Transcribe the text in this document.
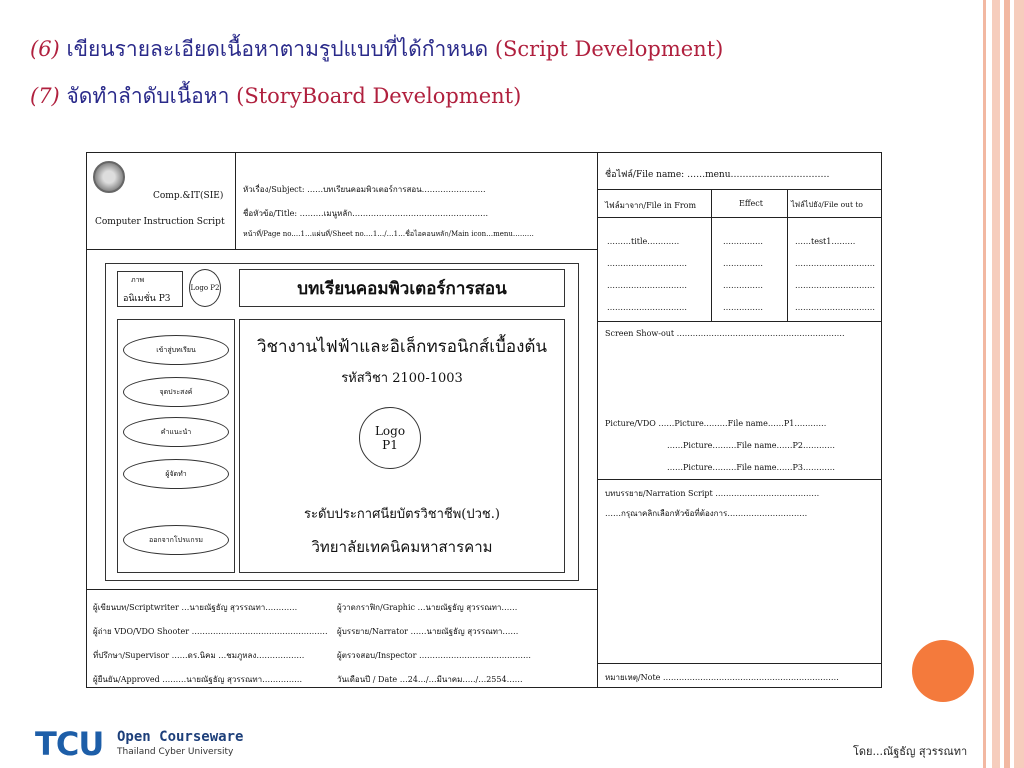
(6) เขียนรายละเอียดเนื้อหาตามรูปแบบที่ได้กำหนด (Script Development)
(7) จัดทำลำดับเนื้อหา (StoryBoard Development)
Comp.&IT(SIE)
Computer Instruction Script
หัวเรื่อง/Subject: ……บทเรียนคอมพิวเตอร์การสอน……………………
ชื่อหัวข้อ/Title: ………เมนูหลัก……………………………………………
หน้าที่/Page no.…1…แผ่นที่/Sheet no.…1…/…1…ชื่อไอคอนหลัก/Main icon…menu………
ชื่อไฟล์/File name: ……menu……………………………
ไฟล์มาจาก/File in From	Effect	ไฟล์ไปยัง/File out to
………title…………	……………	……test1………
…………………………	……………	…………………………
…………………………	……………	…………………………
…………………………	……………	…………………………
Screen Show-out ………………………………………………………
Picture/VDO ……Picture………File name……P1…………
……Picture………File name……P2…………
……Picture………File name……P3…………
บทบรรยาย/Narration Script …………………………………
……กรุณาคลิกเลือกหัวข้อที่ต้องการ…………………………
หมายเหตุ/Note …………………………………………………………
ภาพ
อนิเมชั่น P3
Logo P2	บทเรียนคอมพิวเตอร์การสอน
เข้าสู่บทเรียน
จุดประสงค์
คำแนะนำ
ผู้จัดทำ
ออกจากโปรแกรม
วิชางานไฟฟ้าและอิเล็กทรอนิกส์เบื้องต้น
รหัสวิชา 2100-1003
Logo P1
ระดับประกาศนียบัตรวิชาชีพ(ปวช.)
วิทยาลัยเทคนิคมหาสารคาม
ผู้เขียนบท/Scriptwriter …นายณัฐธัญ สุวรรณทา…………	ผู้วาดกราฟิก/Graphic …นายณัฐธัญ สุวรรณทา……
ผู้ถ่าย VDO/VDO Shooter …………………………………………… ผู้บรรยาย/Narrator ……นายณัฐธัญ สุวรรณทา……
ที่ปรึกษา/Supervisor ……ดร.นิคม …ชมภูหลง………………	ผู้ตรวจสอบ/Inspector ……………………………………
ผู้ยืนยัน/Approved ………นายณัฐธัญ สุวรรณทา……………	วันเดือนปี / Date …24…/…มีนาคม…../…2554……
TCU Open Courseware
Thailand Cyber University	โดย...ณัฐธัญ สุวรรณทา
